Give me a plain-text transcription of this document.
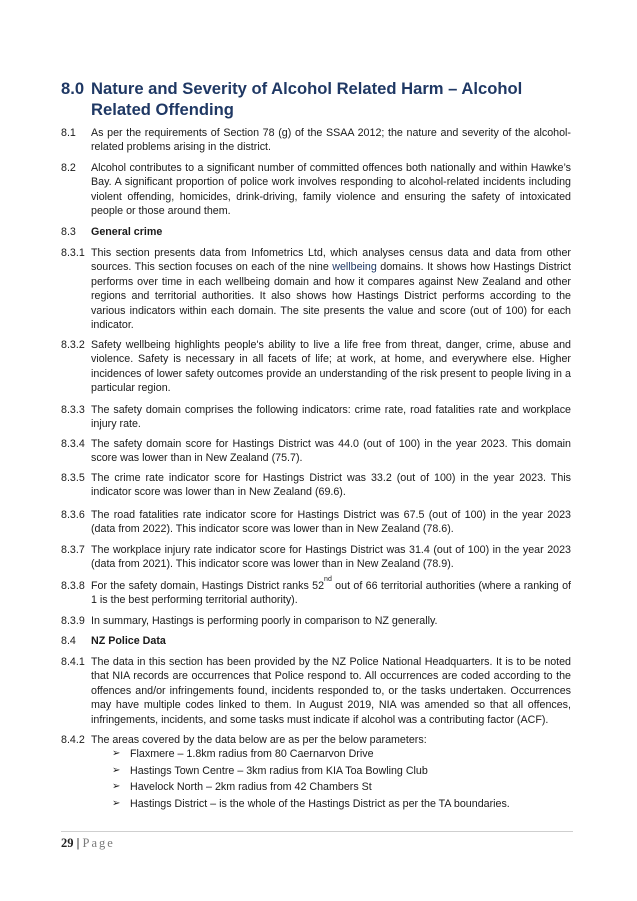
8.0 Nature and Severity of Alcohol Related Harm – Alcohol Related Offending
8.1 As per the requirements of Section 78 (g) of the SSAA 2012; the nature and severity of the alcohol-related problems arising in the district.
8.2 Alcohol contributes to a significant number of committed offences both nationally and within Hawke’s Bay. A significant proportion of police work involves responding to alcohol-related incidents including violent offending, homicides, drink-driving, family violence and ensuring the safety of intoxicated people or those around them.
8.3 General crime
8.3.1 This section presents data from Infometrics Ltd, which analyses census data and data from other sources. This section focuses on each of the nine wellbeing domains. It shows how Hastings District performs over time in each wellbeing domain and how it compares against New Zealand and other regions and territorial authorities. It also shows how Hastings District performs according to the various indicators within each domain. The site presents the value and score (out of 100) for each indicator.
8.3.2 Safety wellbeing highlights people's ability to live a life free from threat, danger, crime, abuse and violence. Safety is necessary in all facets of life; at work, at home, and everywhere else. Higher incidences of lower safety outcomes provide an understanding of the risk present to people living in a particular region.
8.3.3 The safety domain comprises the following indicators: crime rate, road fatalities rate and workplace injury rate.
8.3.4 The safety domain score for Hastings District was 44.0 (out of 100) in the year 2023. This domain score was lower than in New Zealand (75.7).
8.3.5 The crime rate indicator score for Hastings District was 33.2 (out of 100) in the year 2023. This indicator score was lower than in New Zealand (69.6).
8.3.6 The road fatalities rate indicator score for Hastings District was 67.5 (out of 100) in the year 2023 (data from 2022). This indicator score was lower than in New Zealand (78.6).
8.3.7 The workplace injury rate indicator score for Hastings District was 31.4 (out of 100) in the year 2023 (data from 2021). This indicator score was lower than in New Zealand (78.9).
8.3.8 For the safety domain, Hastings District ranks 52nd out of 66 territorial authorities (where a ranking of 1 is the best performing territorial authority).
8.3.9 In summary, Hastings is performing poorly in comparison to NZ generally.
8.4 NZ Police Data
8.4.1 The data in this section has been provided by the NZ Police National Headquarters. It is to be noted that NIA records are occurrences that Police respond to. All occurrences are coded according to the offences and/or infringements found, incidents responded to, or the tasks undertaken. Occurrences may have multiple codes linked to them. In August 2019, NIA was amended so that all offences, infringements, incidents, and some tasks must indicate if alcohol was a contributing factor (ACF).
8.4.2 The areas covered by the data below are as per the below parameters:
➢ Flaxmere – 1.8km radius from 80 Caernarvon Drive
➢ Hastings Town Centre – 3km radius from KIA Toa Bowling Club
➢ Havelock North – 2km radius from 42 Chambers St
➢ Hastings District – is the whole of the Hastings District as per the TA boundaries.
29 | Page
